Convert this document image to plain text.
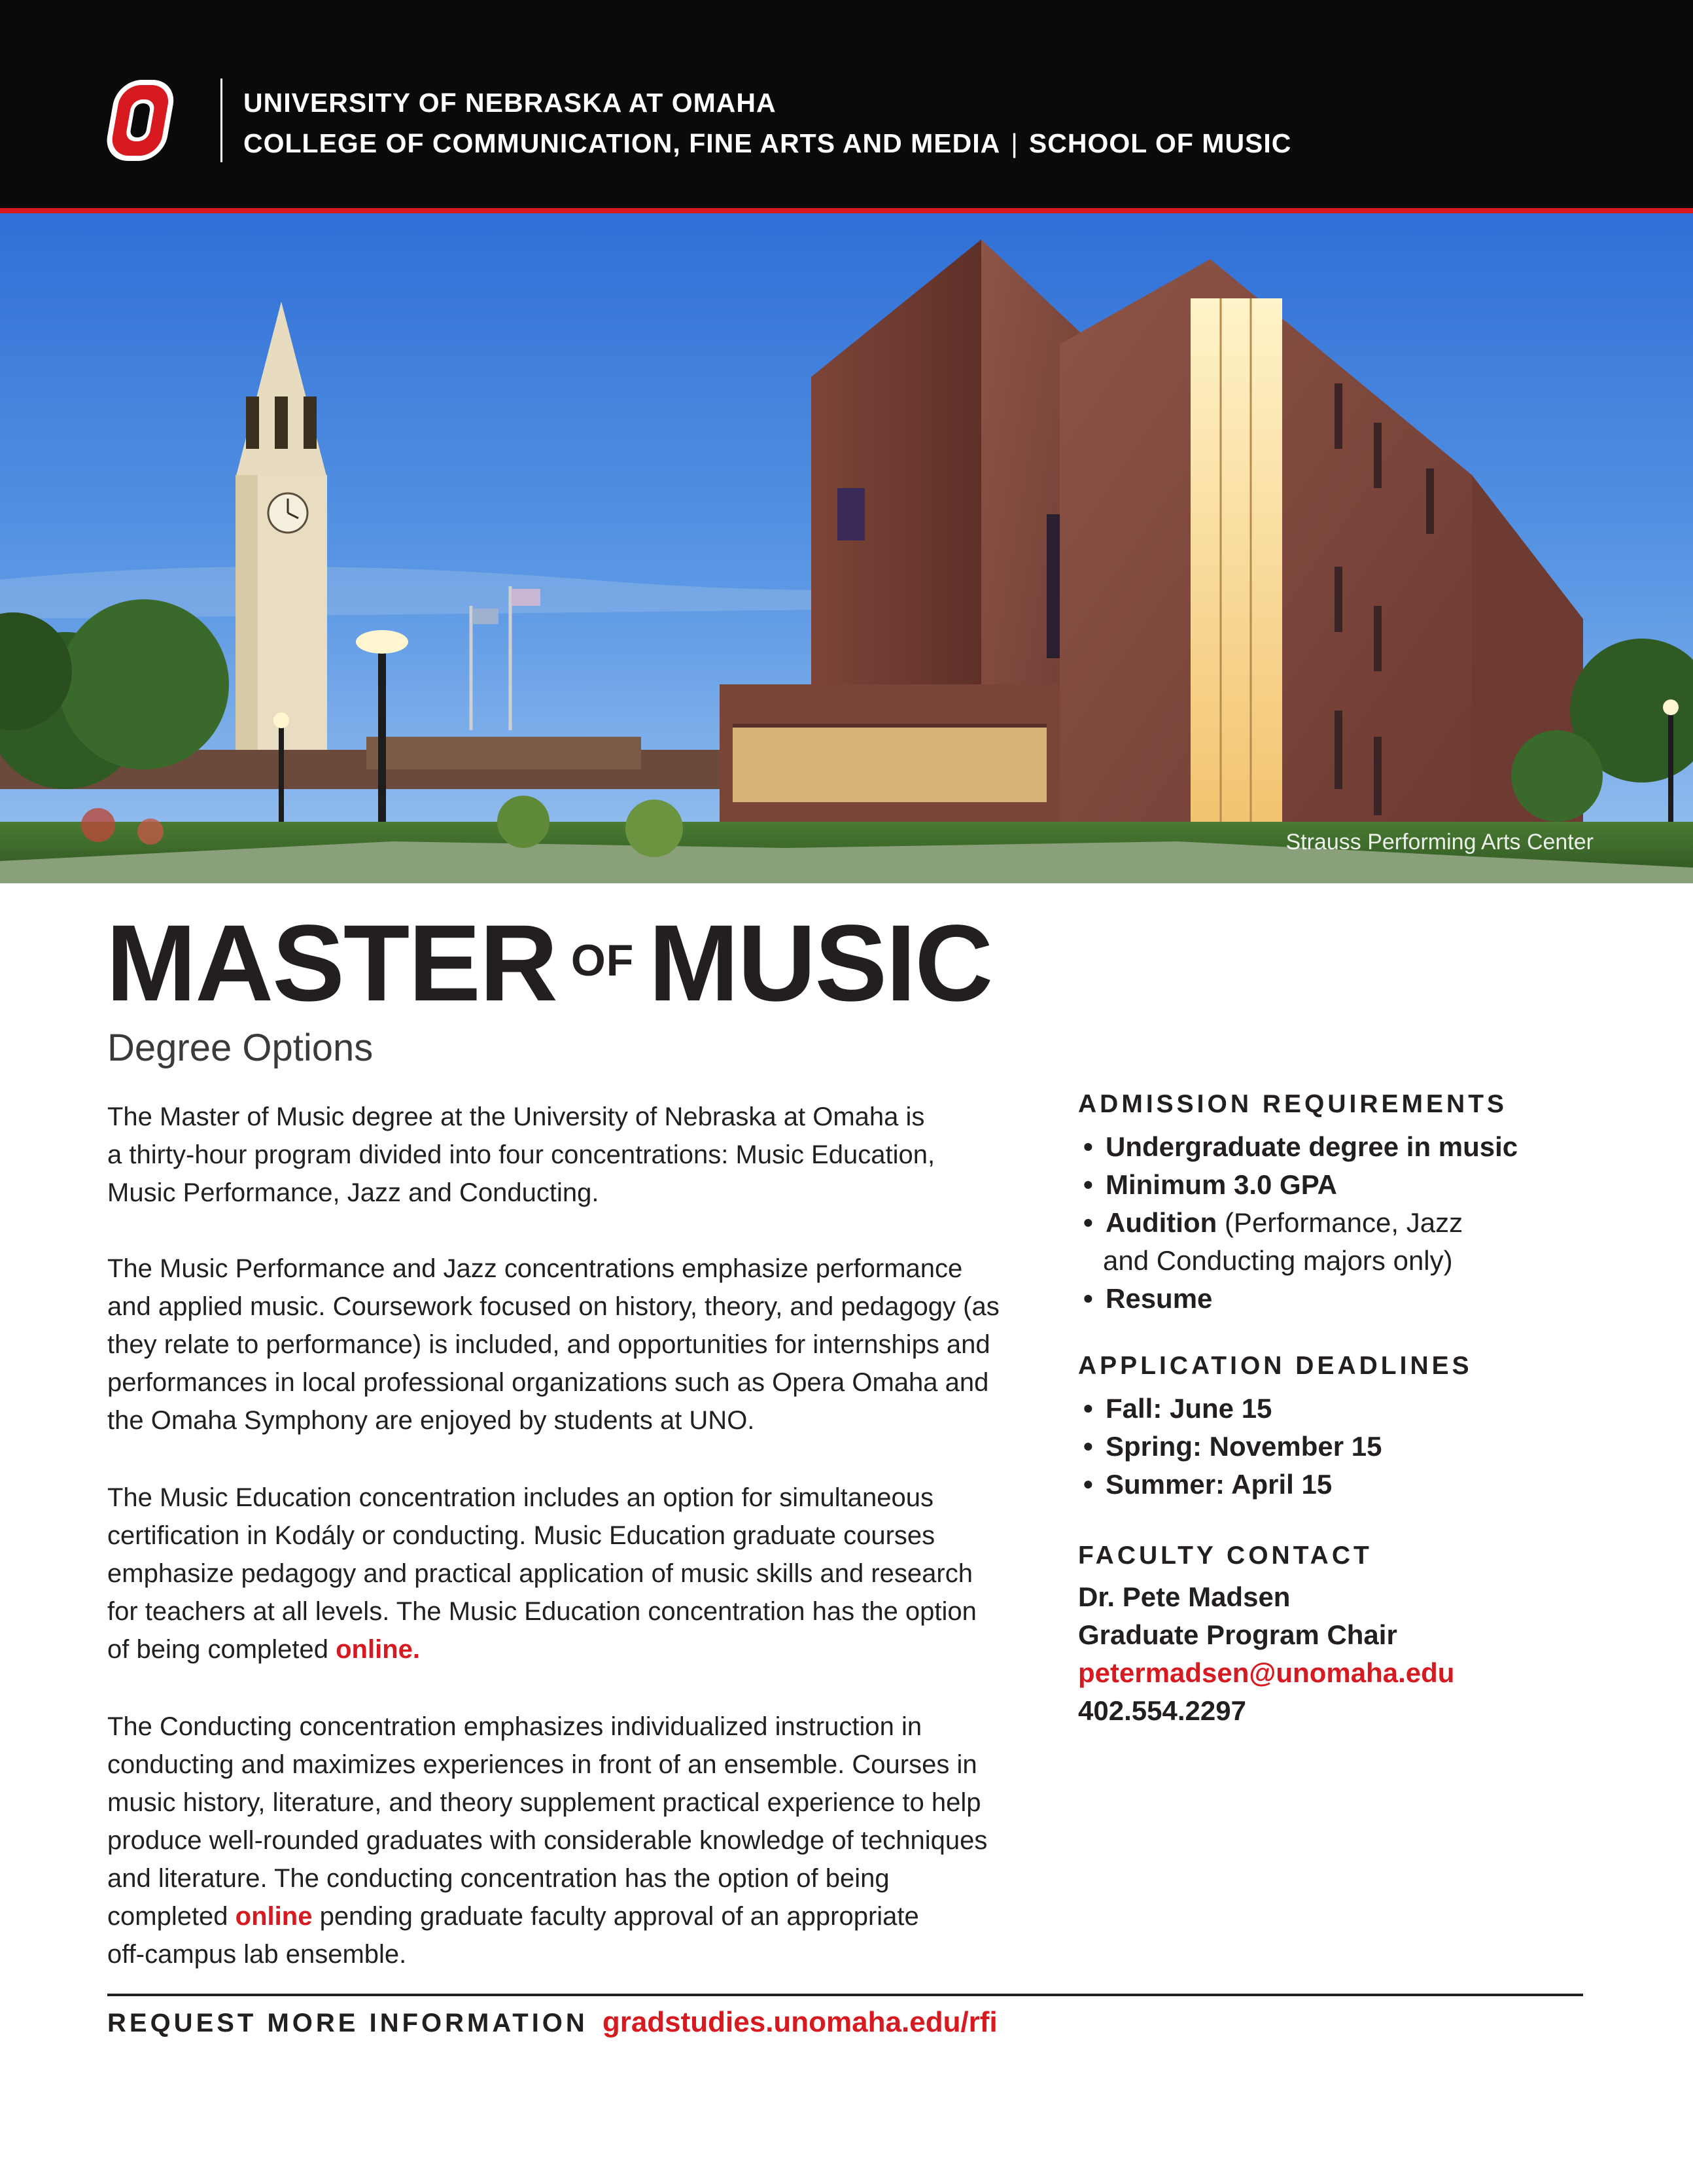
UNIVERSITY OF NEBRASKA AT OMAHA
COLLEGE OF COMMUNICATION, FINE ARTS AND MEDIA | SCHOOL OF MUSIC
Strauss Performing Arts Center
MASTER OF MUSIC
Degree Options

The Master of Music degree at the University of Nebraska at Omaha is

a thirty-hour program divided into four concentrations: Music Education,

Music Performance, Jazz and Conducting.

The Music Performance and Jazz concentrations emphasize performance

and applied music. Coursework focused on history, theory, and pedagogy (as

they relate to performance) is included, and opportunities for internships and

performances in local professional organizations such as Opera Omaha and

the Omaha Symphony are enjoyed by students at UNO.

The Music Education concentration includes an option for simultaneous

certification in Kodály or conducting. Music Education graduate courses

emphasize pedagogy and practical application of music skills and research

for teachers at all levels. The Music Education concentration has the option

of being completed online.

The Conducting concentration emphasizes individualized instruction in

conducting and maximizes experiences in front of an ensemble. Courses in

music history, literature, and theory supplement practical experience to help

produce well-rounded graduates with considerable knowledge of techniques

and literature. The conducting concentration has the option of being

completed online pending graduate faculty approval of an appropriate

off-campus lab ensemble.

ADMISSION REQUIREMENTS
• Undergraduate degree in music
• Minimum 3.0 GPA
• Audition (Performance, Jazz
and Conducting majors only)
• Resume
APPLICATION DEADLINES
• Fall: June 15
• Spring: November 15
• Summer: April 15
FACULTY CONTACT
Dr. Pete Madsen
Graduate Program Chair
petermadsen@unomaha.edu
402.554.2297
REQUEST MORE INFORMATION gradstudies.unomaha.edu/rfi
